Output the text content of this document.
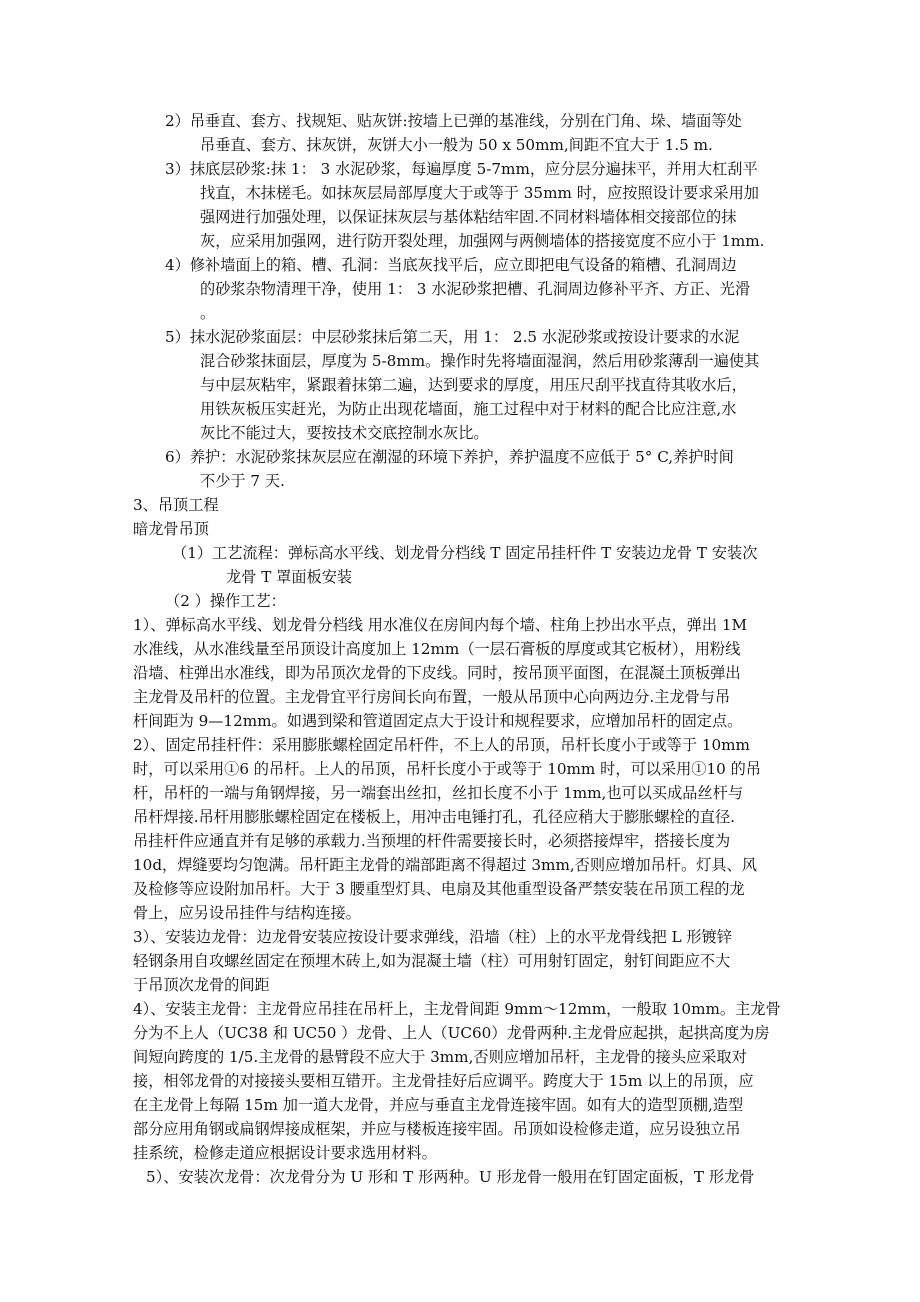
2）吊垂直、套方、找规矩、贴灰饼:按墙上已弹的基准线，分别在门角、垛、墙面等处
吊垂直、套方、抹灰饼，灰饼大小一般为 50 x 50mm,间距不宜大于 1.5 m.
3）抹底层砂浆:抹 1： 3 水泥砂浆，每遍厚度 5-7mm，应分层分遍抹平，并用大杠刮平
找直，木抹槎毛。如抹灰层局部厚度大于或等于 35mm 时，应按照设计要求采用加
强网进行加强处理，以保证抹灰层与基体粘结牢固.不同材料墙体相交接部位的抹
灰，应采用加强网，进行防开裂处理，加强网与两侧墙体的搭接宽度不应小于 1mm.
4）修补墙面上的箱、槽、孔洞：当底灰找平后，应立即把电气设备的箱槽、孔洞周边
的砂浆杂物清理干净，使用 1： 3 水泥砂浆把槽、孔洞周边修补平齐、方正、光滑
。
5）抹水泥砂浆面层：中层砂浆抹后第二天，用 1： 2.5 水泥砂浆或按设计要求的水泥
混合砂浆抹面层，厚度为 5-8mm。操作时先将墙面湿润，然后用砂浆薄刮一遍使其
与中层灰粘牢，紧跟着抹第二遍，达到要求的厚度，用压尺刮平找直待其收水后，
用铁灰板压实赶光，为防止出现花墙面，施工过程中对于材料的配合比应注意,水
灰比不能过大，要按技术交底控制水灰比。
6）养护：水泥砂浆抹灰层应在潮湿的环境下养护，养护温度不应低于 5° C,养护时间
不少于 7 天.
3、吊顶工程
暗龙骨吊顶
（1）工艺流程：弹标高水平线、划龙骨分档线 T 固定吊挂杆件 T 安装边龙骨 T 安装次
龙骨 T 罩面板安装
（2 ）操作工艺：
1）、弹标高水平线、划龙骨分档线 用水准仪在房间内每个墙、柱角上抄出水平点，弹出 1M
水准线，从水准线量至吊顶设计高度加上 12mm（一层石膏板的厚度或其它板材），用粉线
沿墙、柱弹出水准线，即为吊顶次龙骨的下皮线。同时，按吊顶平面图，在混凝土顶板弹出
主龙骨及吊杆的位置。主龙骨宜平行房间长向布置，一般从吊顶中心向两边分.主龙骨与吊
杆间距为 9—12mm。如遇到梁和管道固定点大于设计和规程要求，应增加吊杆的固定点。
2）、固定吊挂杆件：采用膨胀螺栓固定吊杆件，不上人的吊顶，吊杆长度小于或等于 10mm
时，可以采用①6 的吊杆。上人的吊顶，吊杆长度小于或等于 10mm 时，可以采用①10 的吊
杆，吊杆的一端与角钢焊接，另一端套出丝扣，丝扣长度不小于 1mm,也可以买成品丝杆与
吊杆焊接.吊杆用膨胀螺栓固定在楼板上，用冲击电锤打孔，孔径应稍大于膨胀螺栓的直径.
吊挂杆件应通直并有足够的承载力.当预埋的杆件需要接长时，必须搭接焊牢，搭接长度为
10d，焊缝要均匀饱满。吊杆距主龙骨的端部距离不得超过 3mm,否则应增加吊杆。灯具、风
及检修等应设附加吊杆。大于 3 腰重型灯具、电扇及其他重型设备严禁安装在吊顶工程的龙
骨上，应另设吊挂件与结构连接。
3）、安装边龙骨：边龙骨安装应按设计要求弹线，沿墙（柱）上的水平龙骨线把 L 形镀锌
轻钢条用自攻螺丝固定在预埋木砖上,如为混凝土墙（柱）可用射钉固定，射钉间距应不大
于吊顶次龙骨的间距
4）、安装主龙骨：主龙骨应吊挂在吊杆上，主龙骨间距 9mm～12mm，一般取 10mm。主龙骨
分为不上人（UC38 和 UC50 ）龙骨、上人（UC60）龙骨两种.主龙骨应起拱，起拱高度为房
间短向跨度的 1/5.主龙骨的悬臂段不应大于 3mm,否则应增加吊杆，主龙骨的接头应采取对
接，相邻龙骨的对接接头要相互错开。主龙骨挂好后应调平。跨度大于 15m 以上的吊顶，应
在主龙骨上每隔 15m 加一道大龙骨，并应与垂直主龙骨连接牢固。如有大的造型顶棚,造型
部分应用角钢或扁钢焊接成框架，并应与楼板连接牢固。吊顶如设检修走道，应另设独立吊
挂系统，检修走道应根据设计要求选用材料。
5）、安装次龙骨：次龙骨分为 U 形和 T 形两种。U 形龙骨一般用在钉固定面板，T 形龙骨
